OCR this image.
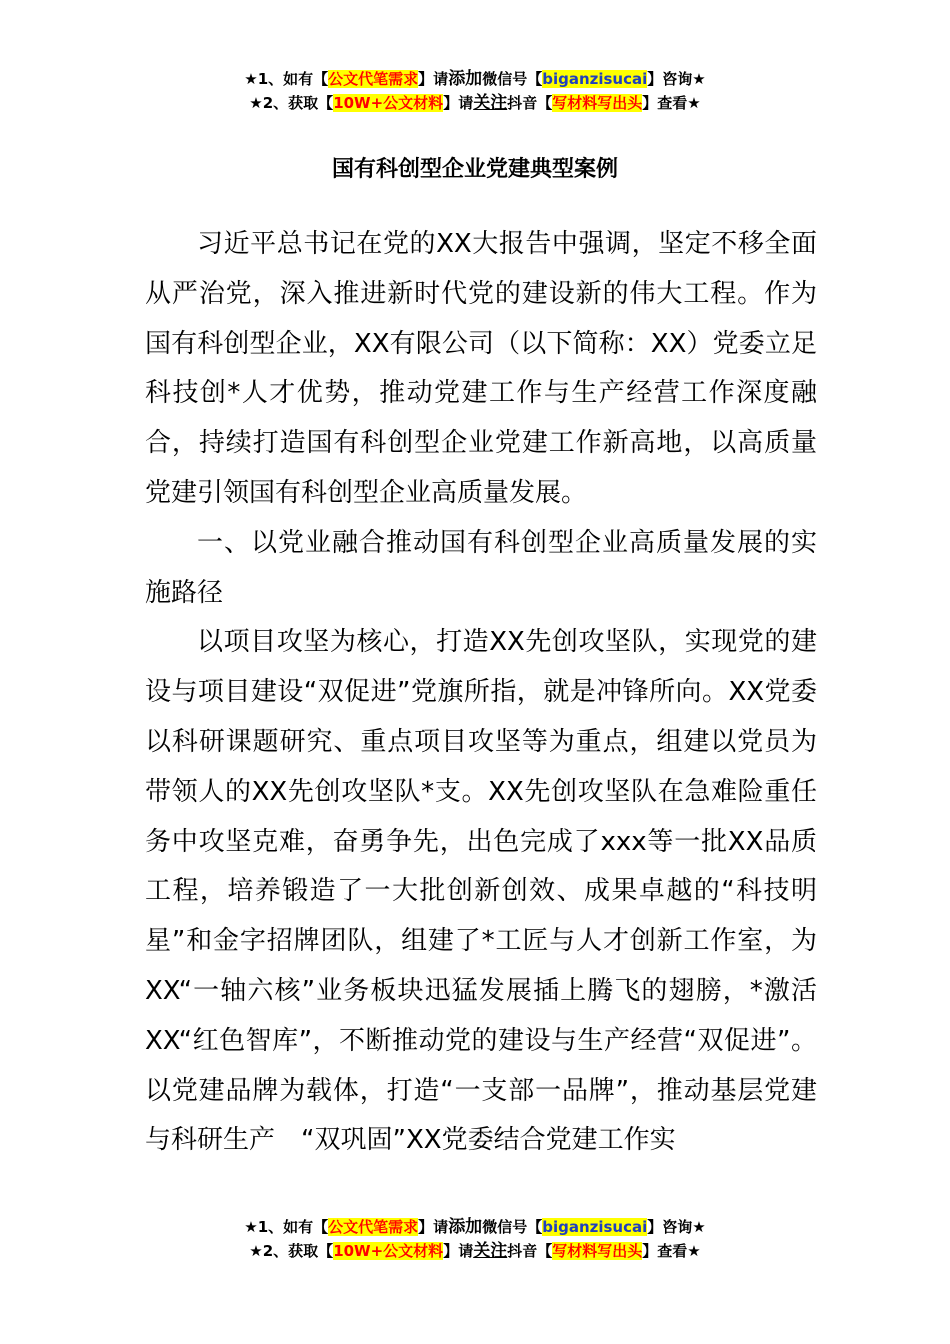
★1、如有【公文代笔需求】请添加微信号【biganzisucai】咨询★
★2、获取【10W+公文材料】请关注抖音【写材料写出头】查看★
国有科创型企业党建典型案例

习近平总书记在党的XX大报告中强调，坚定不移全面从严治党，深入推进新时代党的建设新的伟大工程。作为国有科创型企业，XX有限公司（以下简称：XX）党委立足科技创*人才优势，推动党建工作与生产经营工作深度融合，持续打造国有科创型企业党建工作新高地，以高质量党建引领国有科创型企业高质量发展。

一、以党业融合推动国有科创型企业高质量发展的实施路径

以项目攻坚为核心，打造XX先创攻坚队，实现党的建设与项目建设“双促进”党旗所指，就是冲锋所向。XX党委以科研课题研究、重点项目攻坚等为重点，组建以党员为带领人的XX先创攻坚队*支。XX先创攻坚队在急难险重任务中攻坚克难，奋勇争先，出色完成了xxx等一批XX品质工程，培养锻造了一大批创新创效、成果卓越的“科技明星”和金字招牌团队，组建了*工匠与人才创新工作室，为XX“一轴六核”业务板块迅猛发展插上腾飞的翅膀，*激活XX“红色智库”，不断推动党的建设与生产经营“双促进”。以党建品牌为载体，打造“一支部一品牌”，推动基层党建与科研生产　“双巩固”XX党委结合党建工作实

★1、如有【公文代笔需求】请添加微信号【biganzisucai】咨询★
★2、获取【10W+公文材料】请关注抖音【写材料写出头】查看★
